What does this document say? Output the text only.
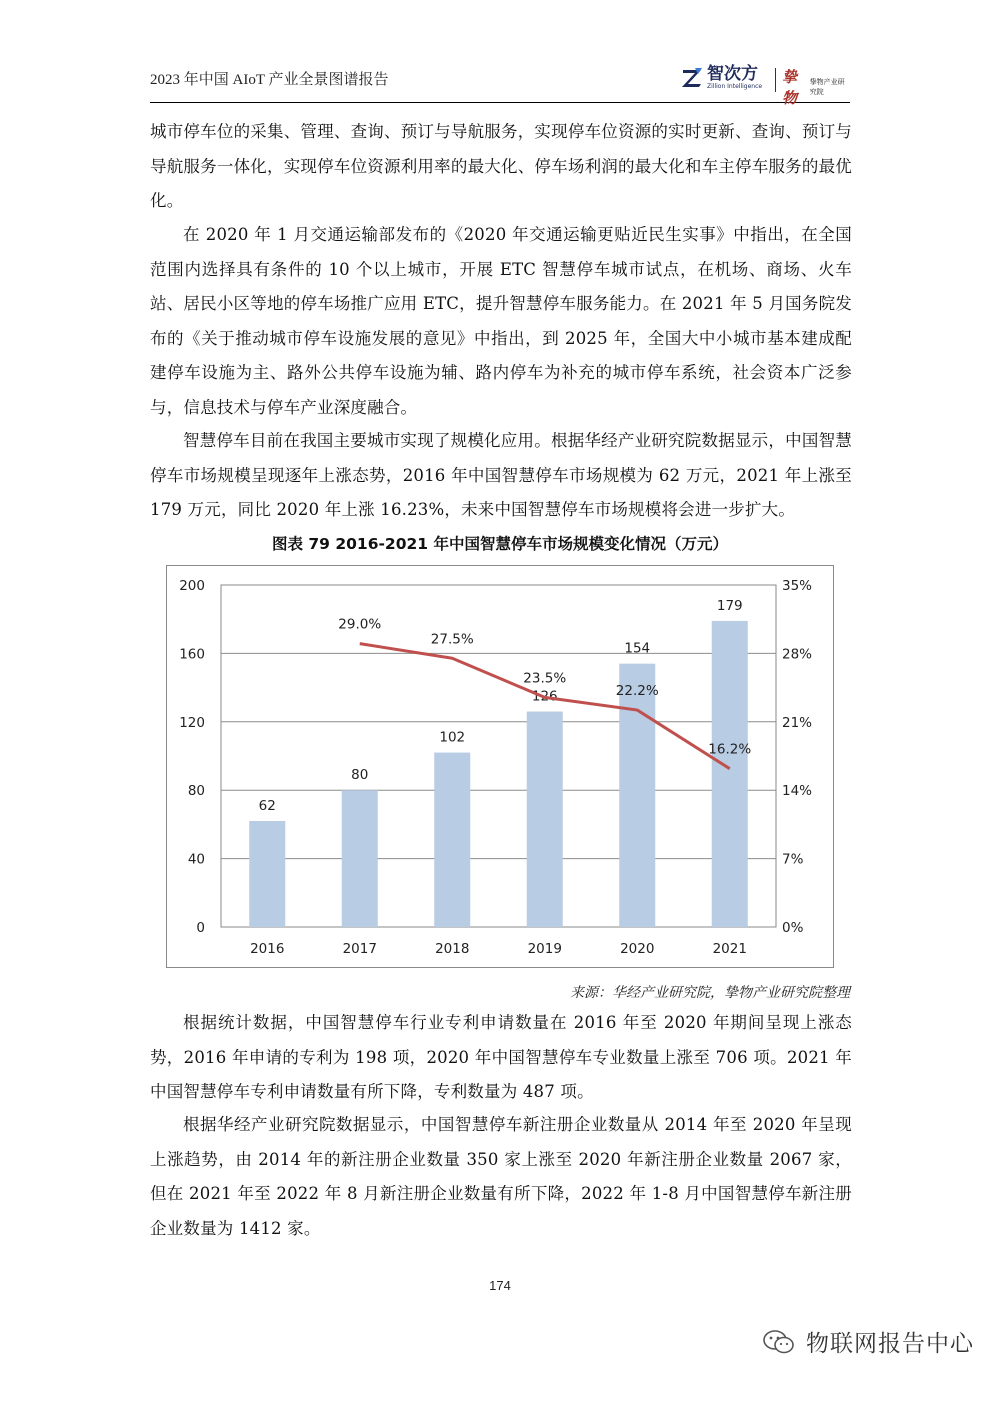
2023 年中国 AIoT 产业全景图谱报告	智次方
Zillion Intelligence
挚物
挚物产业研究院

城市停车位的采集、管理、查询、预订与导航服务，实现停车位资源的实时更新、查询、预订与导航服务一体化，实现停车位资源利用率的最大化、停车场利润的最大化和车主停车服务的最优化。

在 2020 年 1 月交通运输部发布的《2020 年交通运输更贴近民生实事》中指出，在全国范围内选择具有条件的 10 个以上城市，开展 ETC 智慧停车城市试点，在机场、商场、火车站、居民小区等地的停车场推广应用 ETC，提升智慧停车服务能力。在 2021 年 5 月国务院发布的《关于推动城市停车设施发展的意见》中指出，到 2025 年，全国大中小城市基本建成配建停车设施为主、路外公共停车设施为辅、路内停车为补充的城市停车系统，社会资本广泛参与，信息技术与停车产业深度融合。

智慧停车目前在我国主要城市实现了规模化应用。根据华经产业研究院数据显示，中国智慧停车市场规模呈现逐年上涨态势，2016 年中国智慧停车市场规模为 62 万元，2021 年上涨至 179 万元，同比 2020 年上涨 16.23%，未来中国智慧停车市场规模将会进一步扩大。

图表 79 2016-2021 年中国智慧停车市场规模变化情况（万元）
0
40
80
120
160
200
0%
7%
14%
21%
28%
35%
62
2016
80
2017
102
2018
126
2019
154
2020
179
2021
29.0%
27.5%
23.5%
22.2%
16.2%
来源：华经产业研究院，挚物产业研究院整理

根据统计数据，中国智慧停车行业专利申请数量在 2016 年至 2020 年期间呈现上涨态势，2016 年申请的专利为 198 项，2020 年中国智慧停车专业数量上涨至 706 项。2021 年中国智慧停车专利申请数量有所下降，专利数量为 487 项。

根据华经产业研究院数据显示，中国智慧停车新注册企业数量从 2014 年至 2020 年呈现上涨趋势，由 2014 年的新注册企业数量 350 家上涨至 2020 年新注册企业数量 2067 家，但在 2021 年至 2022 年 8 月新注册企业数量有所下降，2022 年 1-8 月中国智慧停车新注册企业数量为 1412 家。

174
物联网报告中心
